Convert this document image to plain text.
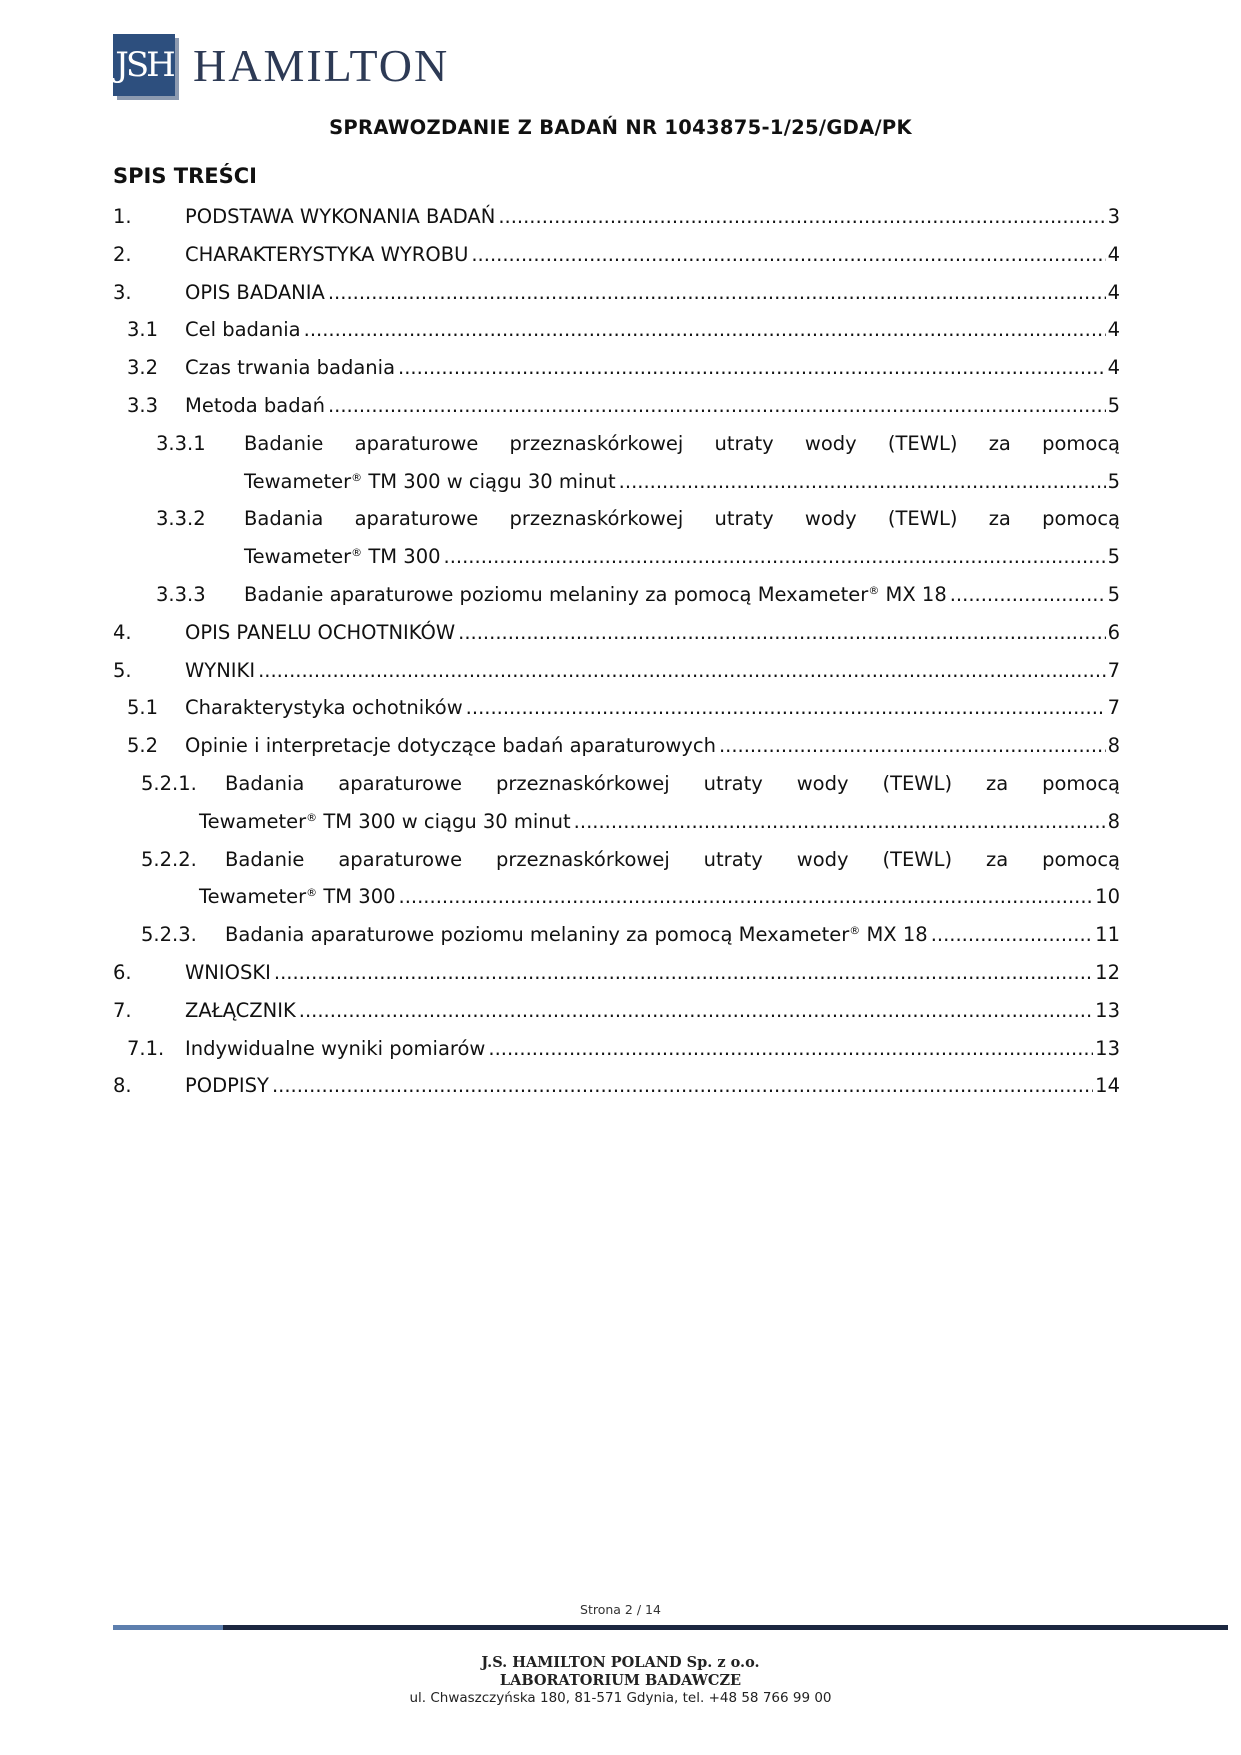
JSH HAMILTON
SPRAWOZDANIE Z BADAŃ NR 1043875-1/25/GDA/PK
SPIS TREŚCI
1.	PODSTAWA WYKONANIA BADAŃ .....	3
2.	CHARAKTERYSTYKA WYROBU .....	4
3.	OPIS BADANIA .....	4
3.1 Cel badania .....	4
3.2 Czas trwania badania .....	4
3.3 Metoda badań .....	5
3.3.1 Badanie aparaturowe przeznaskórkowej utraty wody (TEWL) za pomocą
Tewameter® TM 300 w ciągu 30 minut .....	5
3.3.2 Badania aparaturowe przeznaskórkowej utraty wody (TEWL) za pomocą
Tewameter® TM 300 .....	5
3.3.3 Badanie aparaturowe poziomu melaniny za pomocą Mexameter® MX 18 .....	5
4.	OPIS PANELU OCHOTNIKÓW .....	6
5.	WYNIKI .....	7
5.1 Charakterystyka ochotników .....	7
5.2 Opinie i interpretacje dotyczące badań aparaturowych .....	8
5.2.1. Badania aparaturowe przeznaskórkowej utraty wody (TEWL) za pomocą
Tewameter® TM 300 w ciągu 30 minut .....	8
5.2.2. Badanie aparaturowe przeznaskórkowej utraty wody (TEWL) za pomocą
Tewameter® TM 300 .....	10
5.2.3. Badania aparaturowe poziomu melaniny za pomocą Mexameter® MX 18 .....	11
6.	WNIOSKI .....	12
7.	ZAŁĄCZNIK .....	13
7.1. Indywidualne wyniki pomiarów .....	13
8.	PODPISY .....	14
Strona 2 / 14
J.S. HAMILTON POLAND Sp. z o.o.
LABORATORIUM BADAWCZE
ul. Chwaszczyńska 180, 81-571 Gdynia, tel. +48 58 766 99 00
